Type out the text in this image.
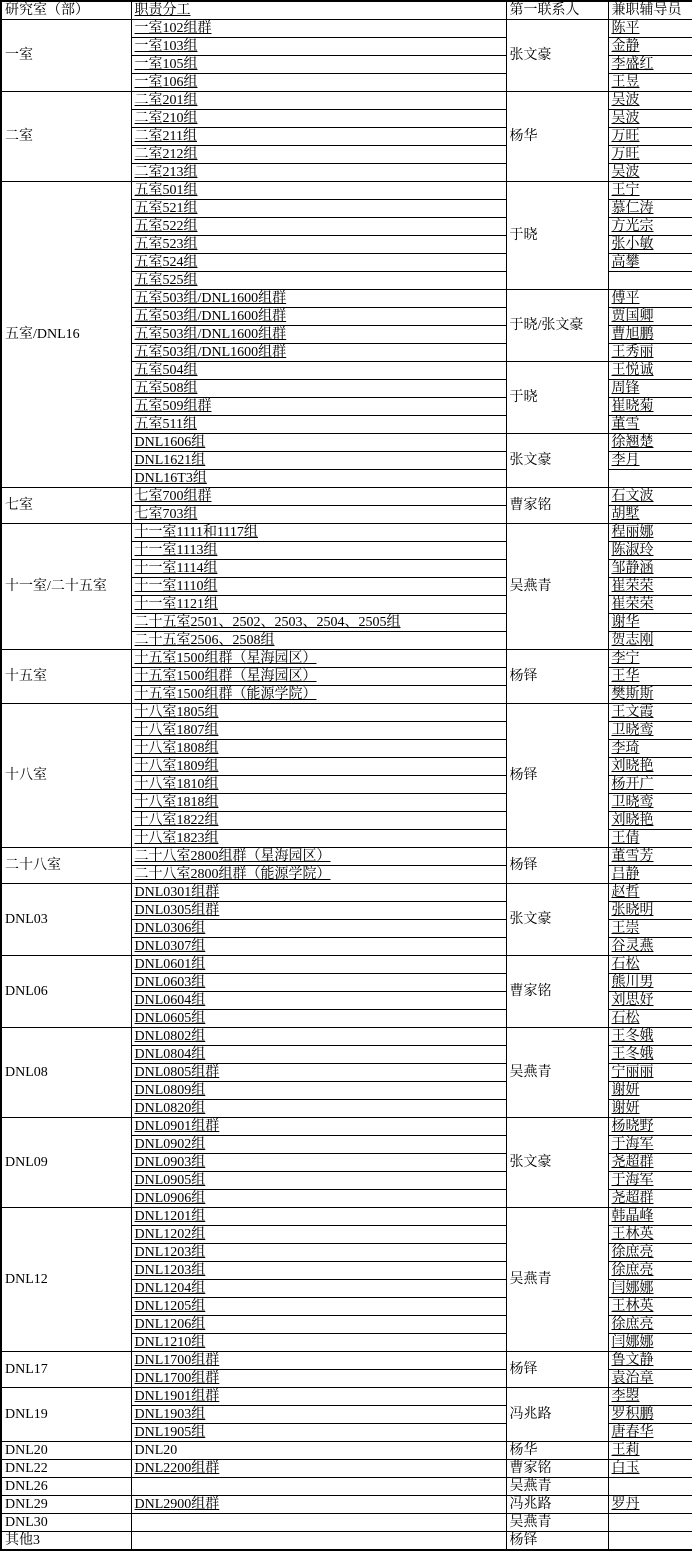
研究室（部）	职责分工	第一联系人	兼职辅导员
一室	一室102组群	张文豪	陈平
	一室103组		金静
	一室105组		李盛红
	一室106组		王昱
二室	二室201组	杨华	吴波
	二室210组		吴波
	二室211组		万旺
	二室212组		万旺
	二室213组		吴波
五室/DNL16	五室501组	于晓	王宁
	五室521组		慕仁涛
	五室522组		方光宗
	五室523组		张小敏
	五室524组		高攀
	五室525组		
	五室503组/DNL1600组群	于晓/张文豪	傅平
	五室503组/DNL1600组群		贾国卿
	五室503组/DNL1600组群		曹旭鹏
	五室503组/DNL1600组群		王秀丽
	五室504组	于晓	王悦诚
	五室508组		周锋
	五室509组群		崔晓菊
	五室511组		董雪
	DNL1606组	张文豪	徐翘楚
	DNL1621组		李月
	DNL16T3组		
七室	七室700组群	曹家铭	石文波
	七室703组		胡墅
十一室/二十五室	十一室1111和1117组	吴燕青	程丽娜
	十一室1113组		陈淑玲
	十一室1114组		邹静涵
	十一室1110组		崔荣荣
	十一室1121组		崔荣荣
	二十五室2501、2502、2503、2504、2505组		谢华
	二十五室2506、2508组		贺志刚
十五室	十五室1500组群（星海园区）	杨铎	李宁
	十五室1500组群（星海园区）		王华
	十五室1500组群（能源学院）		樊斯斯
十八室	十八室1805组	杨铎	王文霞
	十八室1807组		卫晓鸾
	十八室1808组		李琦
	十八室1809组		刘晓艳
	十八室1810组		杨开广
	十八室1818组		卫晓鸾
	十八室1822组		刘晓艳
	十八室1823组		王倩
二十八室	二十八室2800组群（星海园区）	杨铎	董雪芳
	二十八室2800组群（能源学院）		吕静
DNL03	DNL0301组群	张文豪	赵哲
	DNL0305组群		张晓明
	DNL0306组		王崇
	DNL0307组		谷灵燕
DNL06	DNL0601组	曹家铭	石松
	DNL0603组		熊川男
	DNL0604组		刘思妤
	DNL0605组		石松
DNL08	DNL0802组	吴燕青	王冬娥
	DNL0804组		王冬娥
	DNL0805组群		宁丽丽
	DNL0809组		谢妍
	DNL0820组		谢妍
DNL09	DNL0901组群	张文豪	杨晓野
	DNL0902组		于海军
	DNL0903组		尧超群
	DNL0905组		于海军
	DNL0906组		尧超群
DNL12	DNL1201组	吴燕青	韩晶峰
	DNL1202组		王林英
	DNL1203组		徐庶亮
	DNL1203组		徐庶亮
	DNL1204组		闫娜娜
	DNL1205组		王林英
	DNL1206组		徐庶亮
	DNL1210组		闫娜娜
DNL17	DNL1700组群	杨铎	鲁文静
	DNL1700组群		袁治章
DNL19	DNL1901组群	冯兆路	李曌
	DNL1903组		罗积鹏
	DNL1905组		唐春华
DNL20	DNL20	杨华	王莉
DNL22	DNL2200组群	曹家铭	白玉
DNL26		吴燕青	
DNL29	DNL2900组群	冯兆路	罗丹
DNL30		吴燕青	
其他3		杨铎	
